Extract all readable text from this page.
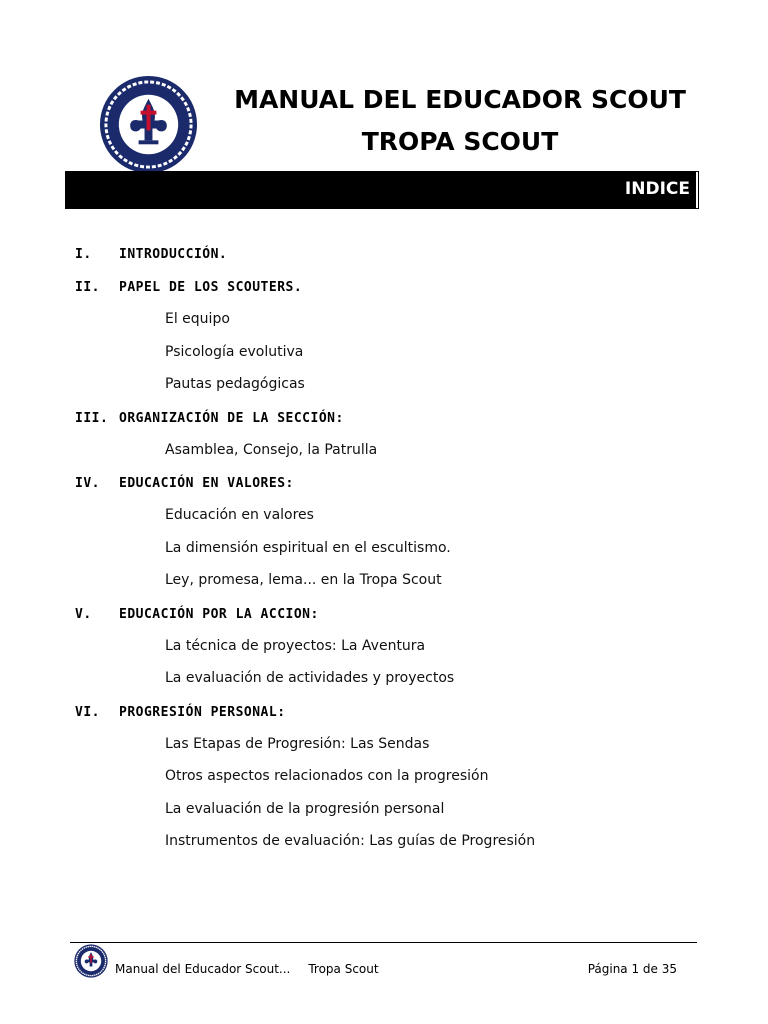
MANUAL DEL EDUCADOR SCOUT
TROPA SCOUT
INDICE
I. INTRODUCCIÓN.
II. PAPEL DE LOS SCOUTERS.
El equipo
Psicología evolutiva
Pautas pedagógicas
III. ORGANIZACIÓN DE LA SECCIÓN:
Asamblea, Consejo, la Patrulla
IV. EDUCACIÓN EN VALORES:
Educación en valores
La dimensión espiritual en el escultismo.
Ley, promesa, lema... en la Tropa Scout
V. EDUCACIÓN POR LA ACCION:
La técnica de proyectos: La Aventura
La evaluación de actividades y proyectos
VI. PROGRESIÓN PERSONAL:
Las Etapas de Progresión: Las Sendas
Otros aspectos relacionados con la progresión
La evaluación de la progresión personal
Instrumentos de evaluación: Las guías de Progresión
Manual del Educador Scout... Tropa Scout	Página 1 de 35
